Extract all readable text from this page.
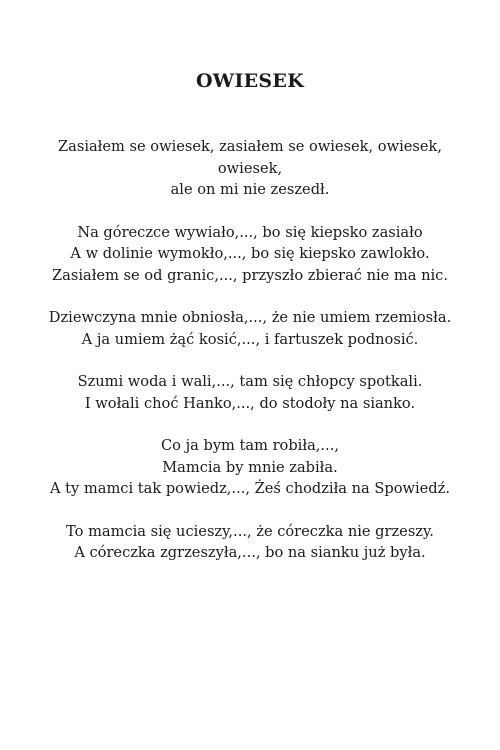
OWIESEK
Zasiałem se owiesek, zasiałem se owiesek, owiesek,
owiesek,
ale on mi nie zeszedł.
Na góreczce wywiało,..., bo się kiepsko zasiało
A w dolinie wymokło,..., bo się kiepsko zawlokło.
Zasiałem se od granic,..., przyszło zbierać nie ma nic.
Dziewczyna mnie obniosła,..., że nie umiem rzemiosła.
A ja umiem żąć kosić,..., i fartuszek podnosić.
Szumi woda i wali,..., tam się chłopcy spotkali.
I wołali choć Hanko,..., do stodoły na sianko.
Co ja bym tam robiła,...,
Mamcia by mnie zabiła.
A ty mamci tak powiedz,..., Żeś chodziła na Spowiedź.
To mamcia się ucieszy,..., że córeczka nie grzeszy.
A córeczka zgrzeszyła,..., bo na sianku już była.
